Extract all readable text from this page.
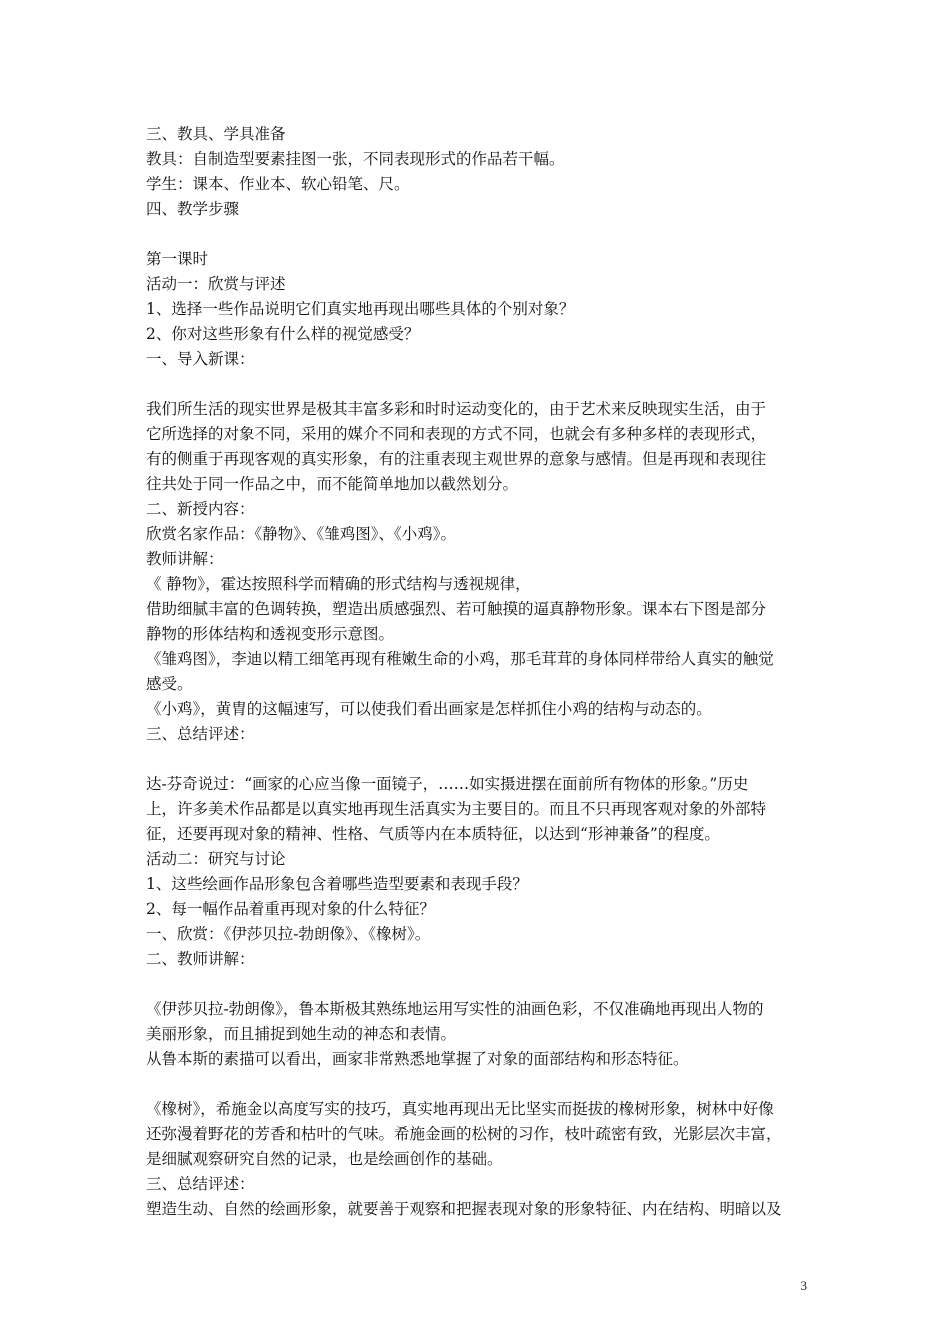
三、教具、学具准备
教具：自制造型要素挂图一张，不同表现形式的作品若干幅。
学生：课本、作业本、软心铅笔、尺。
四、教学步骤
第一课时
活动一：欣赏与评述
1、选择一些作品说明它们真实地再现出哪些具体的个别对象？
2、你对这些形象有什么样的视觉感受？
一、导入新课：
我们所生活的现实世界是极其丰富多彩和时时运动变化的，由于艺术来反映现实生活，由于
它所选择的对象不同，采用的媒介不同和表现的方式不同，也就会有多种多样的表现形式，
有的侧重于再现客观的真实形象，有的注重表现主观世界的意象与感情。但是再现和表现往
往共处于同一作品之中，而不能简单地加以截然划分。
二、新授内容：
欣赏名家作品：《静物》、《雏鸡图》、《小鸡》。
教师讲解：
《 静物》，霍达按照科学而精确的形式结构与透视规律，
借助细腻丰富的色调转换，塑造出质感强烈、若可触摸的逼真静物形象。课本右下图是部分
静物的形体结构和透视变形示意图。
《雏鸡图》，李迪以精工细笔再现有稚嫩生命的小鸡，那毛茸茸的身体同样带给人真实的触觉
感受。
《小鸡》，黄胄的这幅速写，可以使我们看出画家是怎样抓住小鸡的结构与动态的。
三、总结评述：
达-芬奇说过：“画家的心应当像一面镜子，……如实摄进摆在面前所有物体的形象。”历史
上，许多美术作品都是以真实地再现生活真实为主要目的。而且不只再现客观对象的外部特
征，还要再现对象的精神、性格、气质等内在本质特征，以达到“形神兼备”的程度。
活动二：研究与讨论
1、这些绘画作品形象包含着哪些造型要素和表现手段？
2、每一幅作品着重再现对象的什么特征？
一、欣赏：《伊莎贝拉-勃朗像》、《橡树》。
二、教师讲解：
《伊莎贝拉-勃朗像》，鲁本斯极其熟练地运用写实性的油画色彩，不仅准确地再现出人物的
美丽形象，而且捕捉到她生动的神态和表情。
从鲁本斯的素描可以看出，画家非常熟悉地掌握了对象的面部结构和形态特征。
《橡树》，希施金以高度写实的技巧，真实地再现出无比坚实而挺拔的橡树形象，树林中好像
还弥漫着野花的芳香和枯叶的气味。希施金画的松树的习作，枝叶疏密有致，光影层次丰富，
是细腻观察研究自然的记录，也是绘画创作的基础。
三、总结评述：
塑造生动、自然的绘画形象，就要善于观察和把握表现对象的形象特征、内在结构、明暗以及
3
